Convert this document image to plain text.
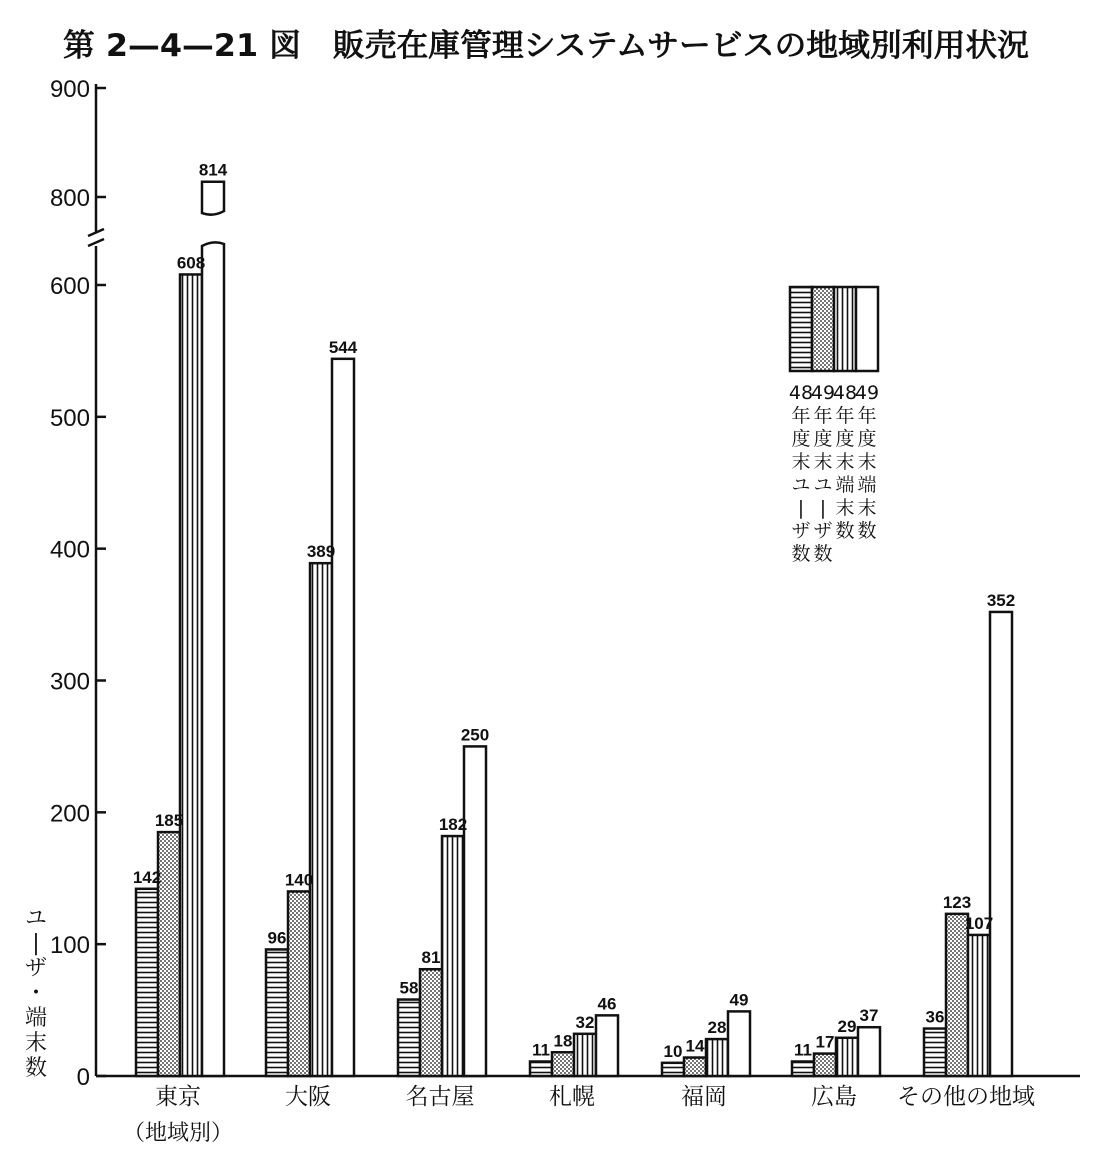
第 2—4—21 図　販売在庫管理システムサービスの地域別利用状況
ユ
|
ザ
・
端
末
数 0
100
200
300
400
500
600
800
900
142
185
608
814
96
140
389
544
58
81
182
250
11 18
32
46
10 14
28
49
11 17
29
37	36
123
107
352
東京	大阪	名古屋	札幌	福岡	広島 その他の地域
（地域別）
48
年
度
末
ユ
|
ザ
数
49
年
度
末
ユ
|
ザ
数
48
年
度
末
端
末
数
49
年
度
末
端
末
数
